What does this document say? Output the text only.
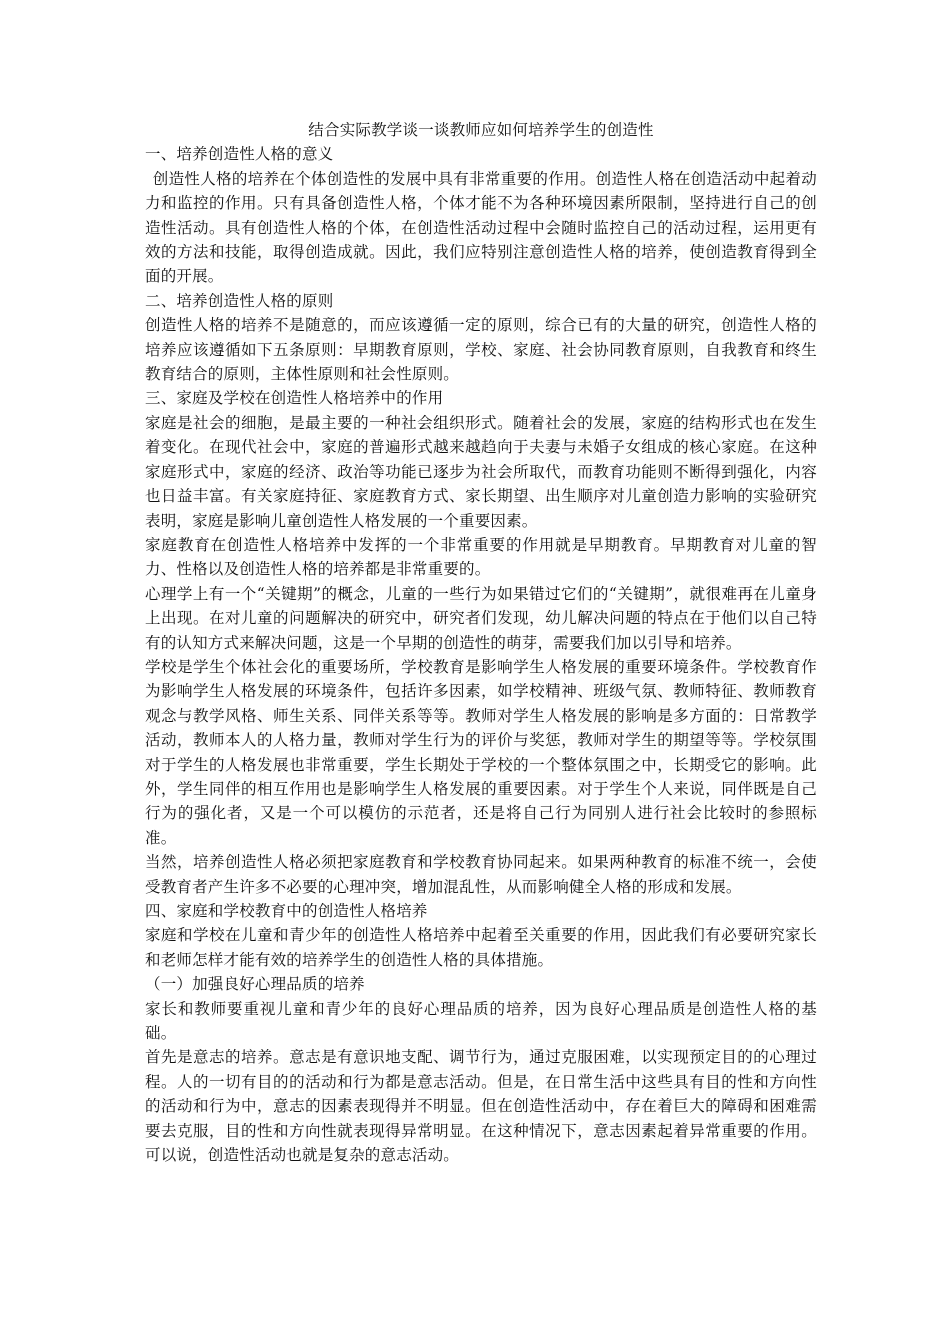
结合实际教学谈一谈教师应如何培养学生的创造性
一、培养创造性人格的意义

创造性人格的培养在个体创造性的发展中具有非常重要的作用。创造性人格在创造活动中起着动力和监控的作用。只有具备创造性人格，个体才能不为各种环境因素所限制，坚持进行自己的创造性活动。具有创造性人格的个体，在创造性活动过程中会随时监控自己的活动过程，运用更有效的方法和技能，取得创造成就。因此，我们应特别注意创造性人格的培养，使创造教育得到全面的开展。

二、培养创造性人格的原则

创造性人格的培养不是随意的，而应该遵循一定的原则，综合已有的大量的研究，创造性人格的培养应该遵循如下五条原则：早期教育原则，学校、家庭、社会协同教育原则，自我教育和终生教育结合的原则，主体性原则和社会性原则。

三、家庭及学校在创造性人格培养中的作用

家庭是社会的细胞，是最主要的一种社会组织形式。随着社会的发展，家庭的结构形式也在发生着变化。在现代社会中，家庭的普遍形式越来越趋向于夫妻与未婚子女组成的核心家庭。在这种家庭形式中，家庭的经济、政治等功能已逐步为社会所取代，而教育功能则不断得到强化，内容也日益丰富。有关家庭持征、家庭教育方式、家长期望、出生顺序对儿童创造力影响的实验研究表明，家庭是影响儿童创造性人格发展的一个重要因素。

家庭教育在创造性人格培养中发挥的一个非常重要的作用就是早期教育。早期教育对儿童的智力、性格以及创造性人格的培养都是非常重要的。

心理学上有一个“关键期”的概念，儿童的一些行为如果错过它们的“关键期”，就很难再在儿童身上出现。在对儿童的问题解决的研究中，研究者们发现，幼儿解决问题的特点在于他们以自己特有的认知方式来解决问题，这是一个早期的创造性的萌芽，需要我们加以引导和培养。

学校是学生个体社会化的重要场所，学校教育是影响学生人格发展的重要环境条件。学校教育作为影响学生人格发展的环境条件，包括许多因素，如学校精神、班级气氛、教师特征、教师教育观念与教学风格、师生关系、同伴关系等等。教师对学生人格发展的影响是多方面的：日常教学活动，教师本人的人格力量，教师对学生行为的评价与奖惩，教师对学生的期望等等。学校氛围对于学生的人格发展也非常重要，学生长期处于学校的一个整体氛围之中，长期受它的影响。此外，学生同伴的相互作用也是影响学生人格发展的重要因素。对于学生个人来说，同伴既是自己行为的强化者，又是一个可以模仿的示范者，还是将自己行为同别人进行社会比较时的参照标准。

当然，培养创造性人格必须把家庭教育和学校教育协同起来。如果两种教育的标准不统一，会使受教育者产生许多不必要的心理冲突，增加混乱性，从而影响健全人格的形成和发展。

四、家庭和学校教育中的创造性人格培养

家庭和学校在儿童和青少年的创造性人格培养中起着至关重要的作用，因此我们有必要研究家长和老师怎样才能有效的培养学生的创造性人格的具体措施。

（一）加强良好心理品质的培养

家长和教师要重视儿童和青少年的良好心理品质的培养，因为良好心理品质是创造性人格的基础。

首先是意志的培养。意志是有意识地支配、调节行为，通过克服困难，以实现预定目的的心理过程。人的一切有目的的活动和行为都是意志活动。但是，在日常生活中这些具有目的性和方向性的活动和行为中，意志的因素表现得并不明显。但在创造性活动中，存在着巨大的障碍和困难需要去克服，目的性和方向性就表现得异常明显。在这种情况下，意志因素起着异常重要的作用。可以说，创造性活动也就是复杂的意志活动。
